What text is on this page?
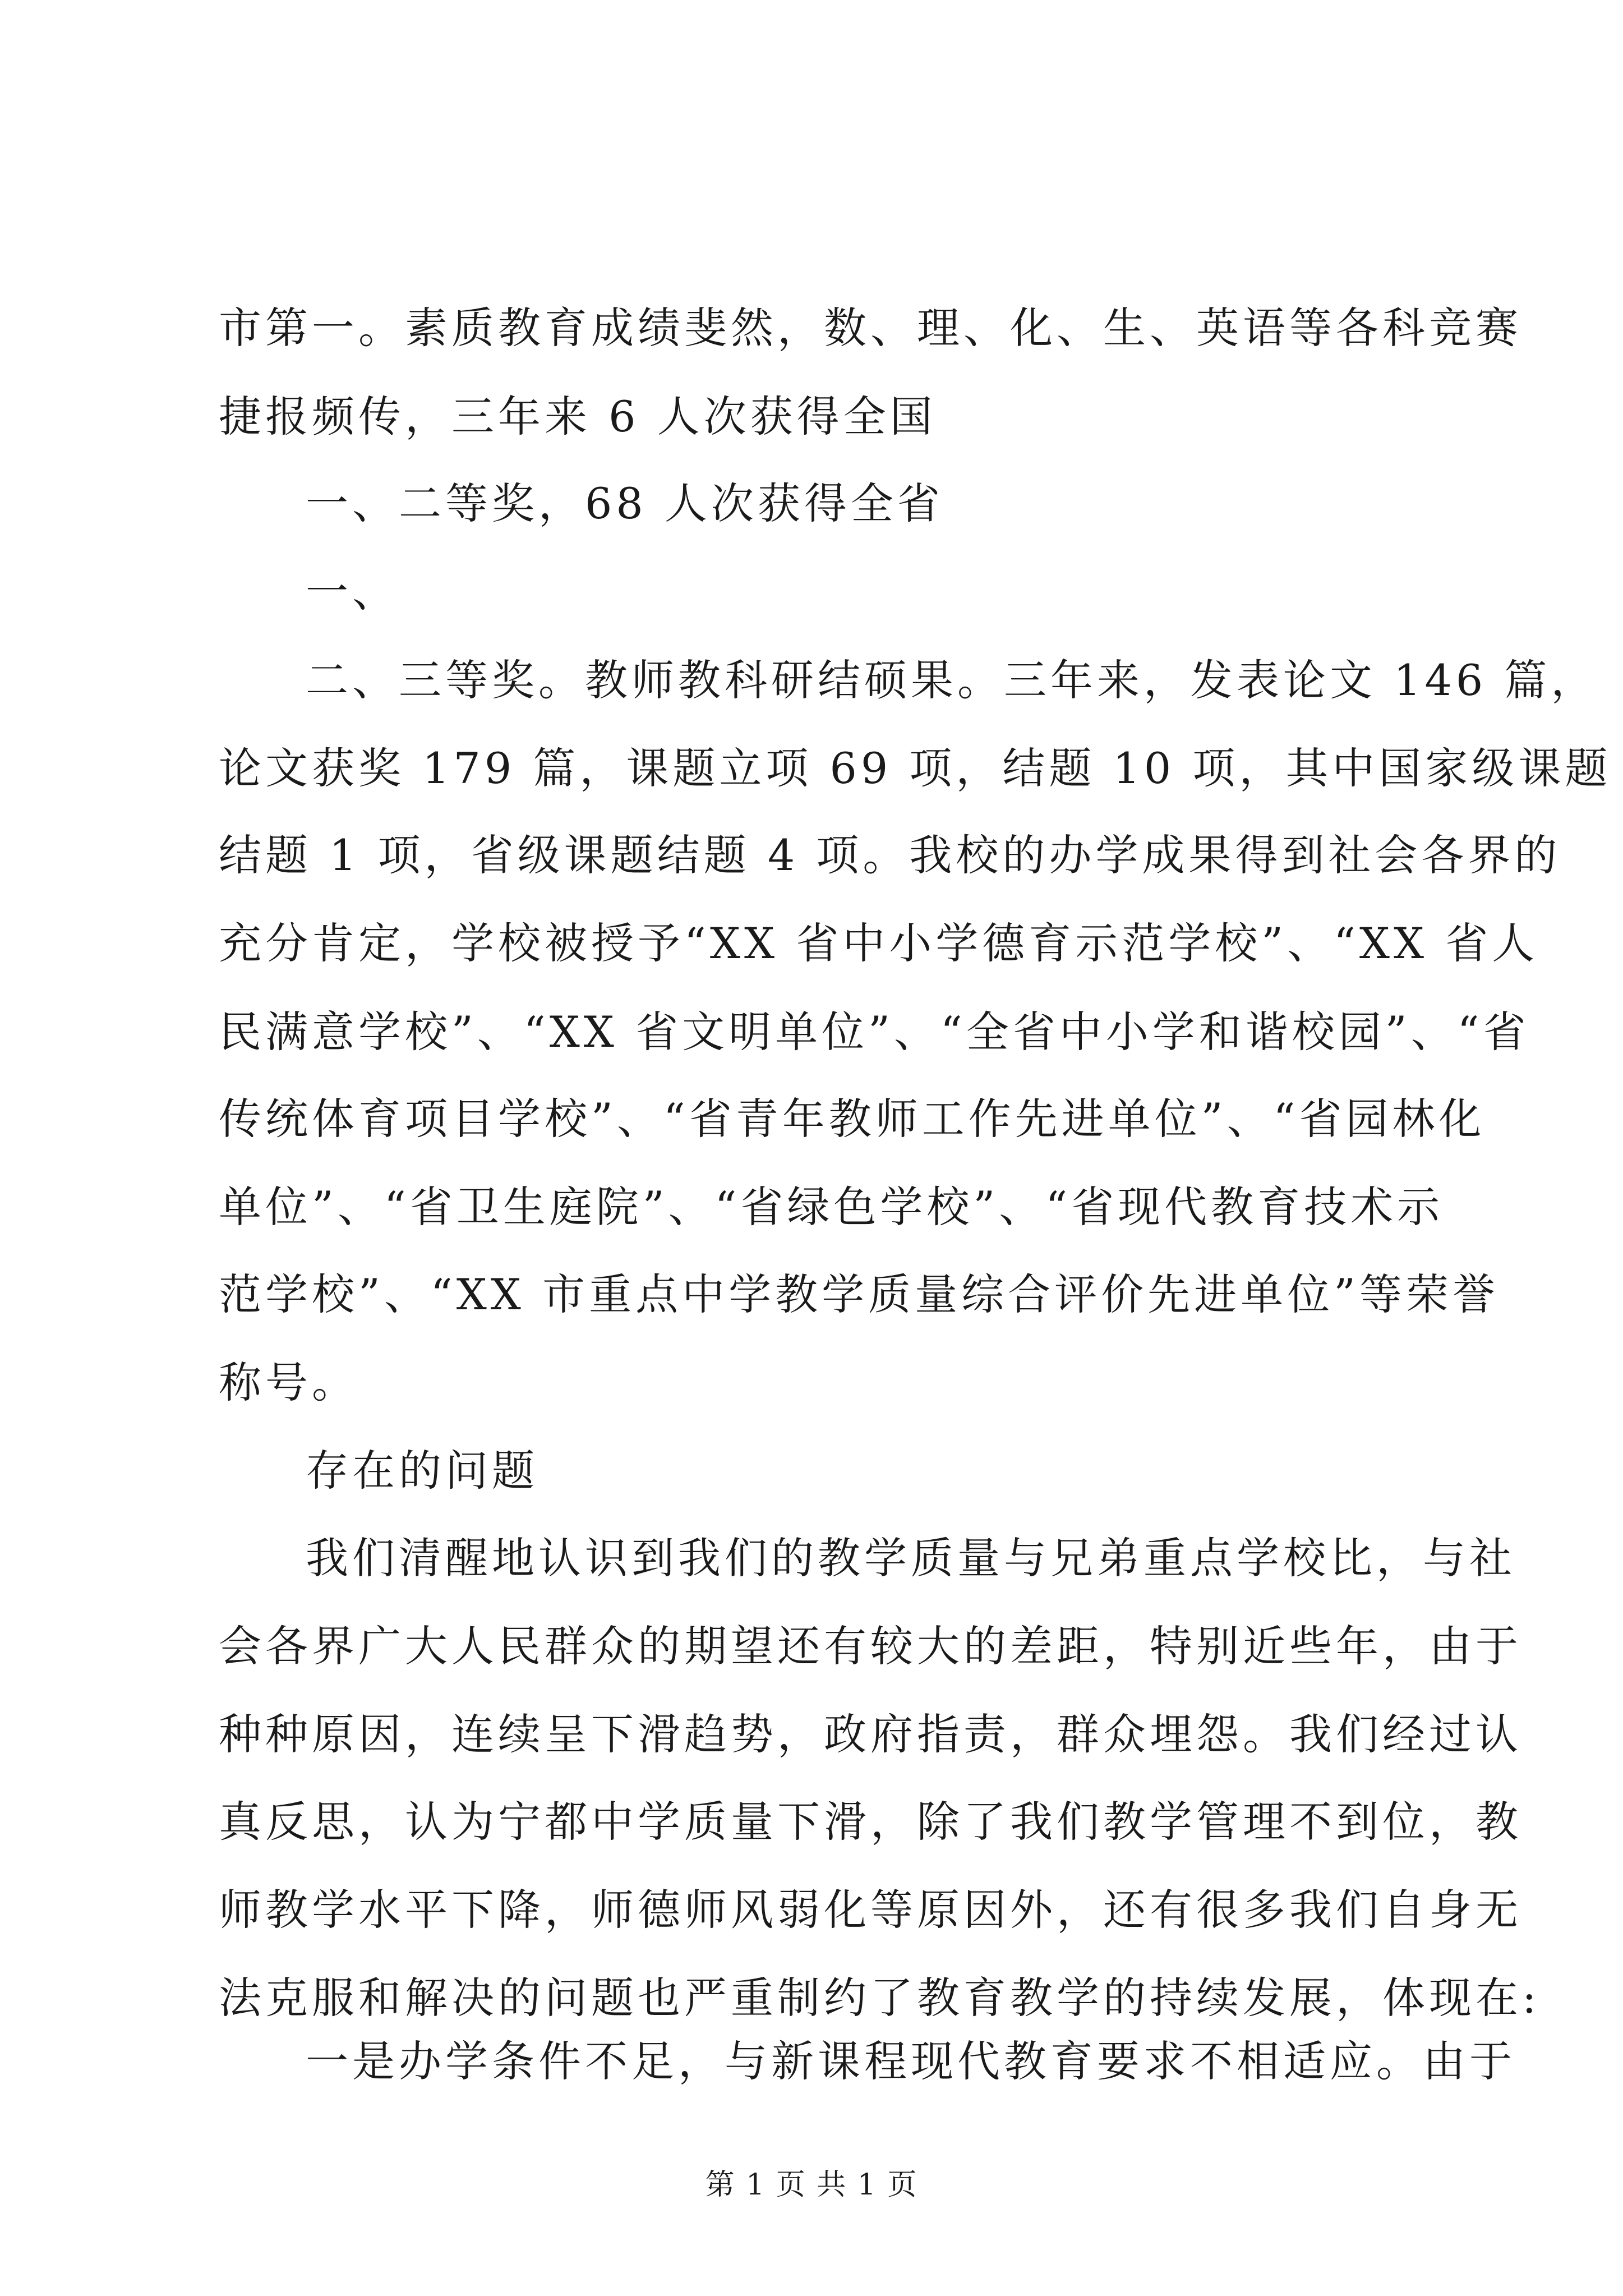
市第一。素质教育成绩斐然，数、理、化、生、英语等各科竞赛
捷报频传，三年来 6 人次获得全国
一、二等奖，68 人次获得全省
一、
二、三等奖。教师教科研结硕果。三年来，发表论文 146 篇，
论文获奖 179 篇，课题立项 69 项，结题 10 项，其中国家级课题
结题 1 项，省级课题结题 4 项。我校的办学成果得到社会各界的
充分肯定，学校被授予“XX 省中小学德育示范学校”、“XX 省人
民满意学校”、“XX 省文明单位”、“全省中小学和谐校园”、“省
传统体育项目学校”、“省青年教师工作先进单位”、“省园林化
单位”、“省卫生庭院”、“省绿色学校”、“省现代教育技术示
范学校”、“XX 市重点中学教学质量综合评价先进单位”等荣誉
称号。
存在的问题
我们清醒地认识到我们的教学质量与兄弟重点学校比，与社
会各界广大人民群众的期望还有较大的差距，特别近些年，由于
种种原因，连续呈下滑趋势，政府指责，群众埋怨。我们经过认
真反思，认为宁都中学质量下滑，除了我们教学管理不到位，教
师教学水平下降，师德师风弱化等原因外，还有很多我们自身无
法克服和解决的问题也严重制约了教育教学的持续发展，体现在:
一是办学条件不足，与新课程现代教育要求不相适应。由于
第 1 页 共 1 页
